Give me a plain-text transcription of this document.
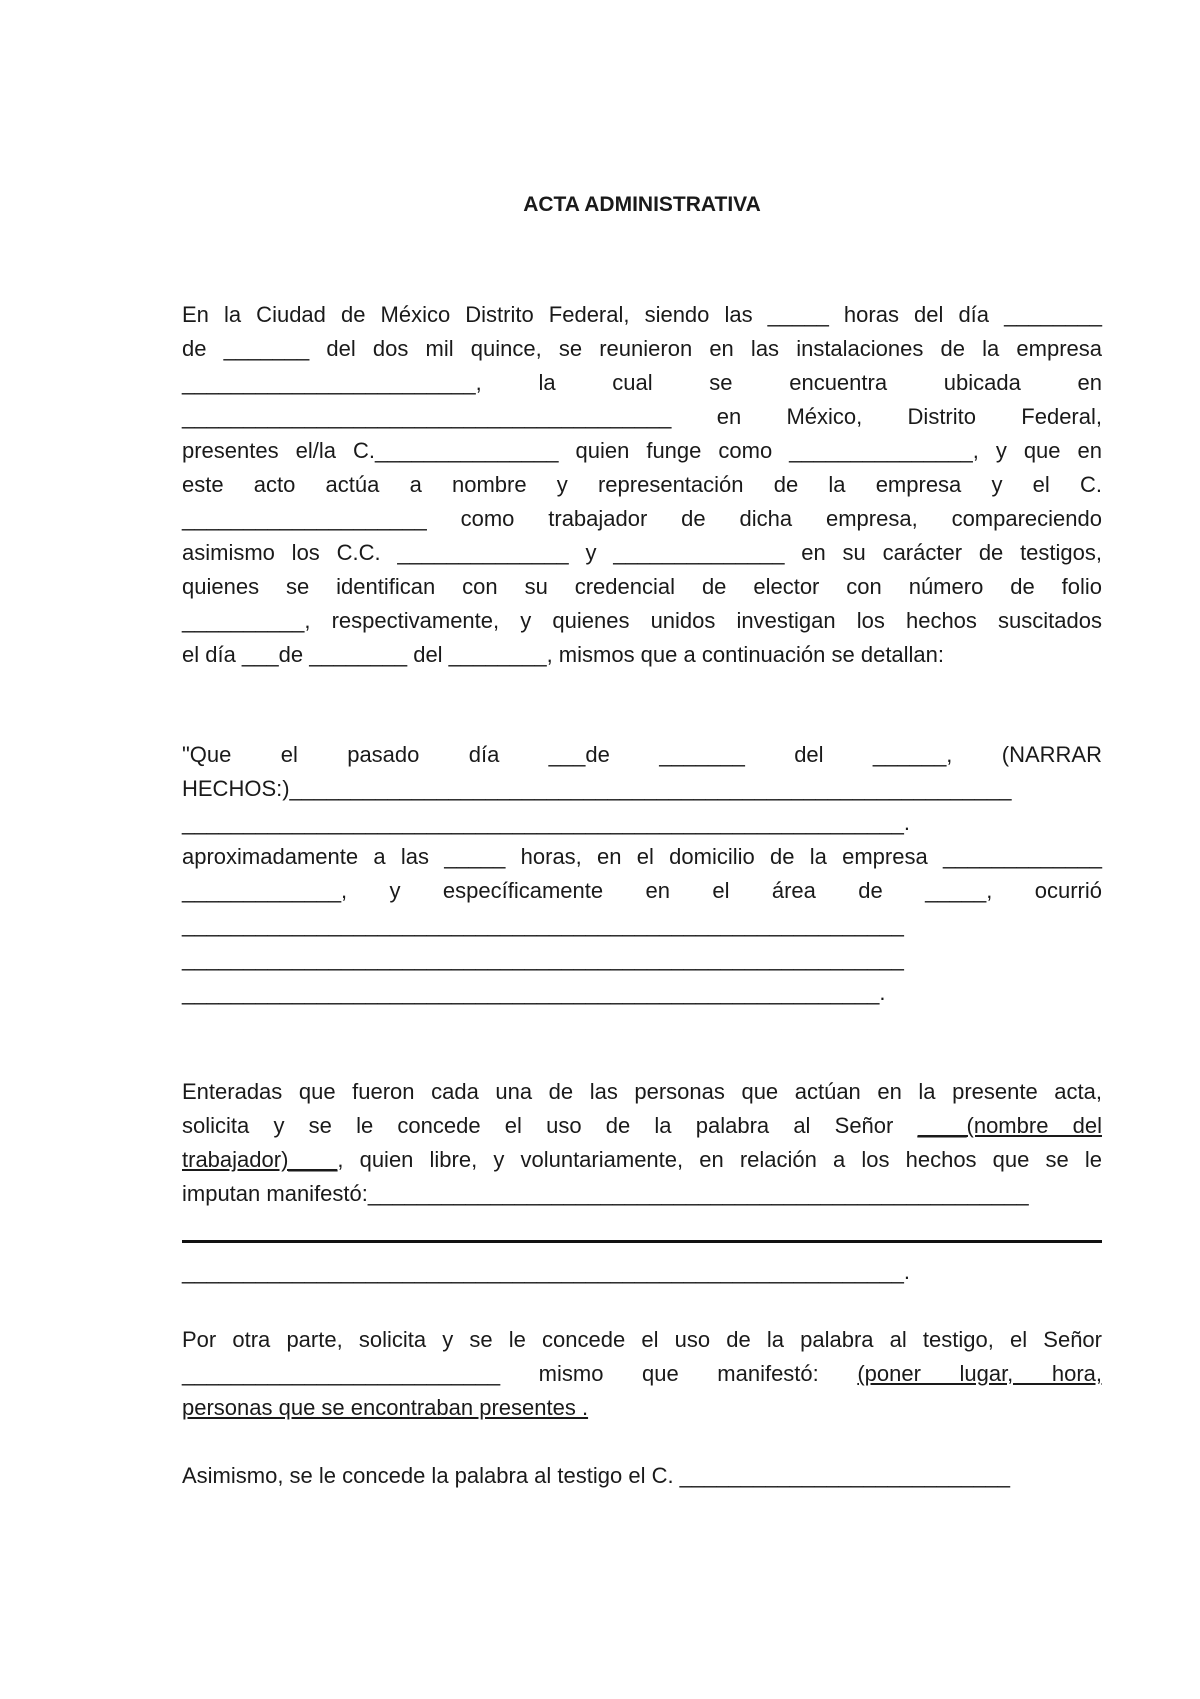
ACTA ADMINISTRATIVA

En la Ciudad de México Distrito Federal, siendo las _____ horas del día ________

de _______ del dos mil quince, se reunieron en las instalaciones de la empresa

________________________, la cual se encuentra ubicada en

________________________________________ en México, Distrito Federal,

presentes el/la C._______________ quien funge como _______________, y que en

este acto actúa a nombre y representación de la empresa y el C.

____________________ como trabajador de dicha empresa, compareciendo

asimismo los C.C. ______________ y ______________ en su carácter de testigos,

quienes se identifican con su credencial de elector con número de folio

__________, respectivamente, y quienes unidos investigan los hechos suscitados

el día ___de ________ del ________, mismos que a continuación se detallan:

"Que el pasado día ___de _______ del ______, (NARRAR

HECHOS:)___________________________________________________________

___________________________________________________________.

aproximadamente a las _____ horas, en el domicilio de la empresa _____________

_____________, y específicamente en el área de _____, ocurrió

___________________________________________________________

___________________________________________________________

_________________________________________________________.

Enteradas que fueron cada una de las personas que actúan en la presente acta,

solicita y se le concede el uso de la palabra al Señor ____(nombre del

trabajador)____, quien libre, y voluntariamente, en relación a los hechos que se le

imputan manifestó:______________________________________________________

___________________________________________________________.

Por otra parte, solicita y se le concede el uso de la palabra al testigo, el Señor

__________________________ mismo que manifestó: (poner lugar, hora,

personas que se encontraban presentes .

Asimismo, se le concede la palabra al testigo el C. ___________________________
